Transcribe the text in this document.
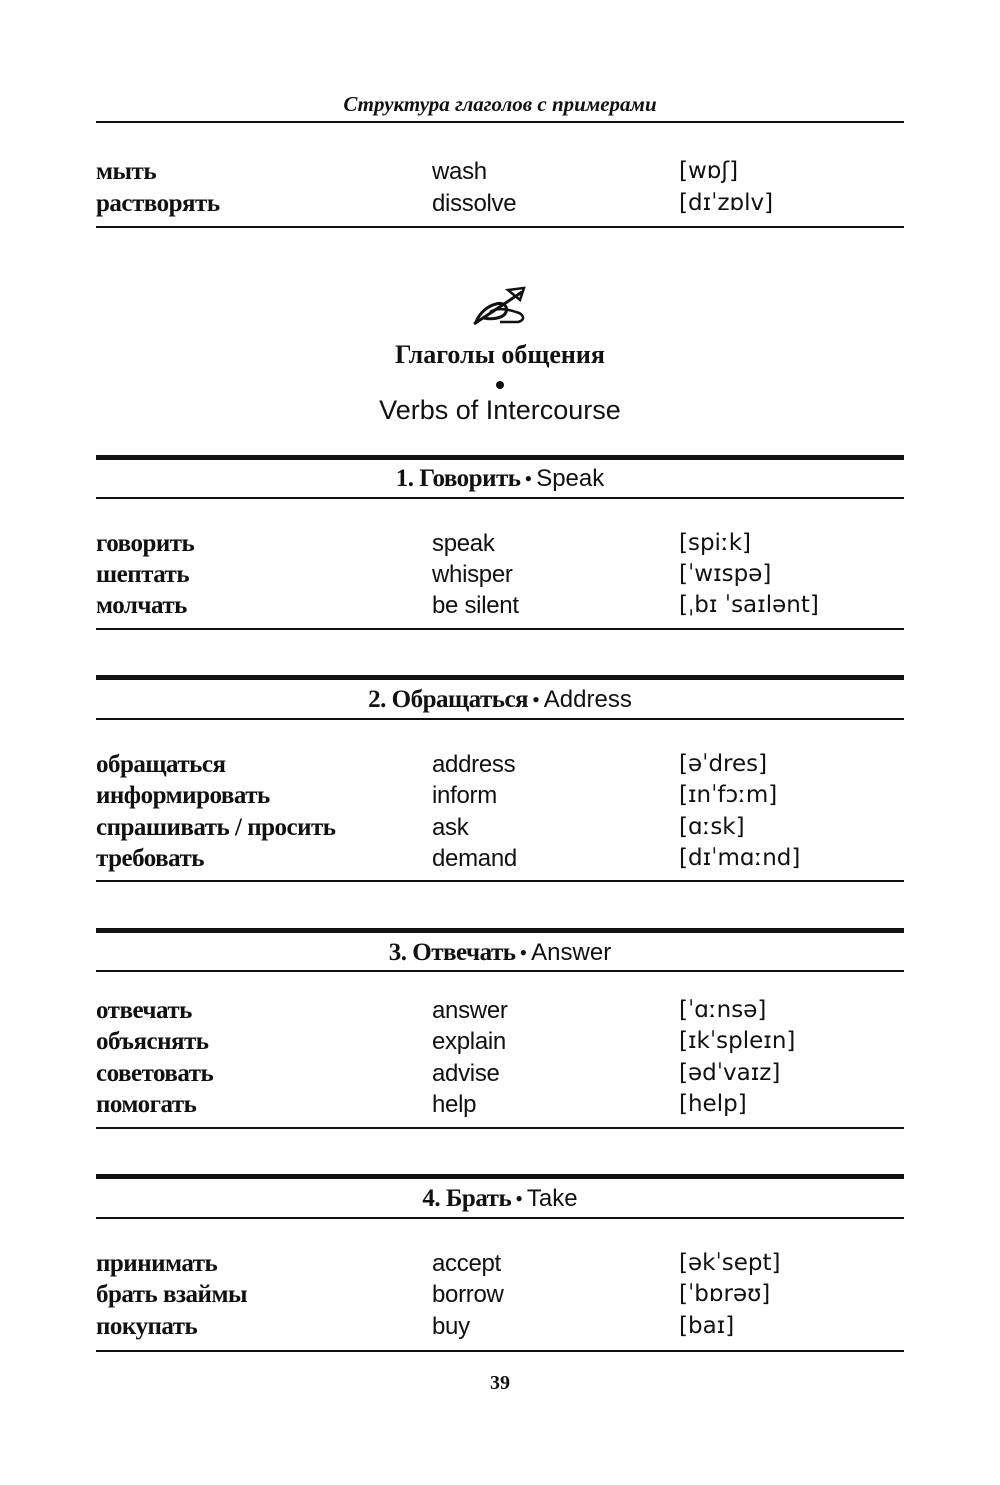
Структура глаголов с примерами
мыть	wash	[wɒʃ]
растворять	dissolve	[dɪˈzɒlv]
Глаголы общения
Verbs of Intercourse
1. Говорить • Speak
говорить	speak	[spiːk]
шептать	whisper	[ˈwɪspə]
молчать	be silent	[ˌbɪ ˈsaɪlənt]
2. Обращаться • Address
обращаться	address	[əˈdres]
информировать	inform	[ɪnˈfɔːm]
спрашивать / просить	ask	[ɑːsk]
требовать	demand	[dɪˈmɑːnd]
3. Отвечать • Answer
отвечать	answer	[ˈɑːnsə]
объяснять	explain	[ɪkˈspleɪn]
советовать	advise	[ədˈvaɪz]
помогать	help	[help]
4. Брать • Take
принимать	accept	[əkˈsept]
брать взаймы	borrow	[ˈbɒrəʊ]
покупать	buy	[baɪ]
39
